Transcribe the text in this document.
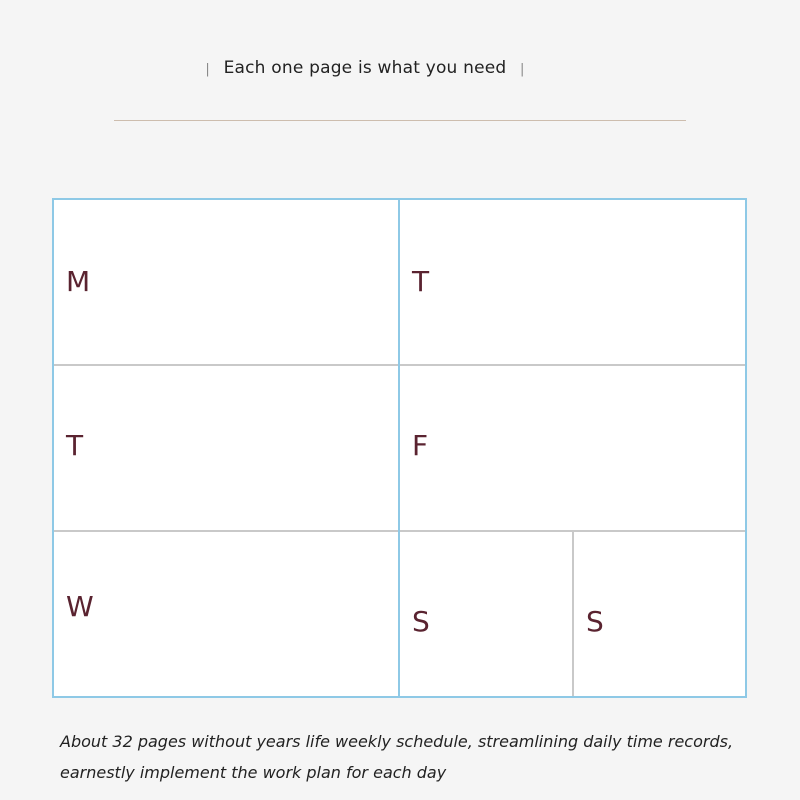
| Each one page is what you need |
M	T
T	F
W	S	S
About 32 pages without years life weekly schedule, streamlining daily time records,
earnestly implement the work plan for each day
